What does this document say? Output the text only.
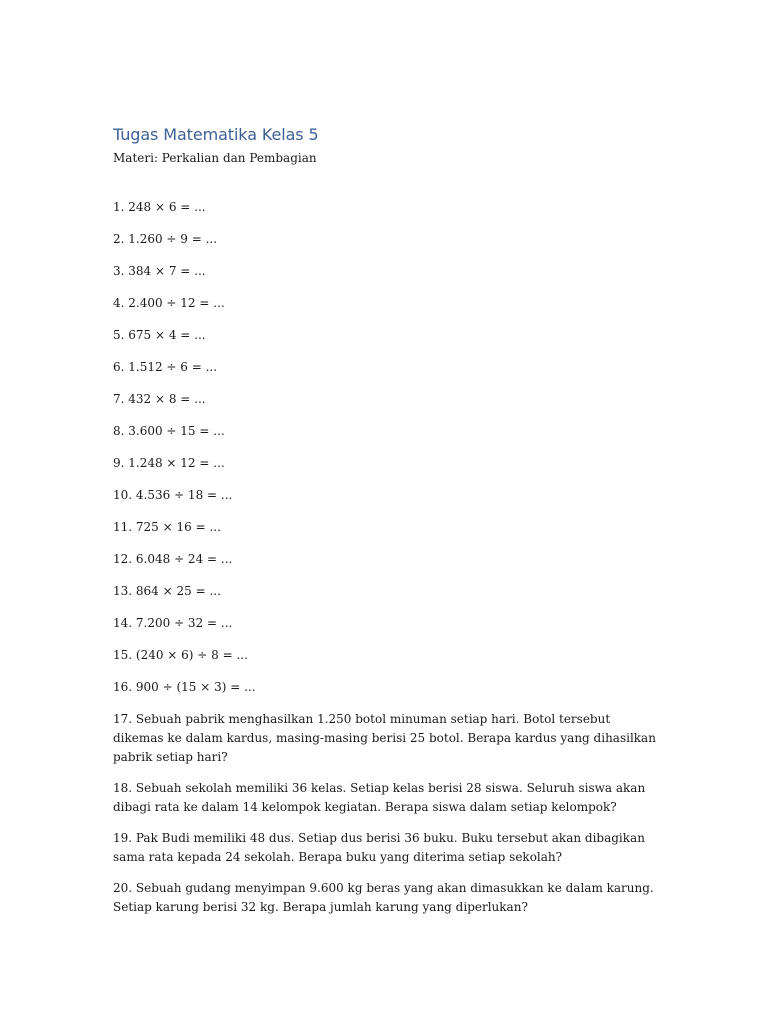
Tugas Matematika Kelas 5

Materi: Perkalian dan Pembagian

1. 248 × 6 = ...
2. 1.260 ÷ 9 = ...
3. 384 × 7 = ...
4. 2.400 ÷ 12 = ...
5. 675 × 4 = ...
6. 1.512 ÷ 6 = ...
7. 432 × 8 = ...
8. 3.600 ÷ 15 = ...
9. 1.248 × 12 = ...
10. 4.536 ÷ 18 = ...
11. 725 × 16 = ...
12. 6.048 ÷ 24 = ...
13. 864 × 25 = ...
14. 7.200 ÷ 32 = ...
15. (240 × 6) ÷ 8 = ...
16. 900 ÷ (15 × 3) = ...
17. Sebuah pabrik menghasilkan 1.250 botol minuman setiap hari. Botol tersebut dikemas ke dalam kardus, masing-masing berisi 25 botol. Berapa kardus yang dihasilkan pabrik setiap hari?
18. Sebuah sekolah memiliki 36 kelas. Setiap kelas berisi 28 siswa. Seluruh siswa akan dibagi rata ke dalam 14 kelompok kegiatan. Berapa siswa dalam setiap kelompok?
19. Pak Budi memiliki 48 dus. Setiap dus berisi 36 buku. Buku tersebut akan dibagikan sama rata kepada 24 sekolah. Berapa buku yang diterima setiap sekolah?
20. Sebuah gudang menyimpan 9.600 kg beras yang akan dimasukkan ke dalam karung. Setiap karung berisi 32 kg. Berapa jumlah karung yang diperlukan?
